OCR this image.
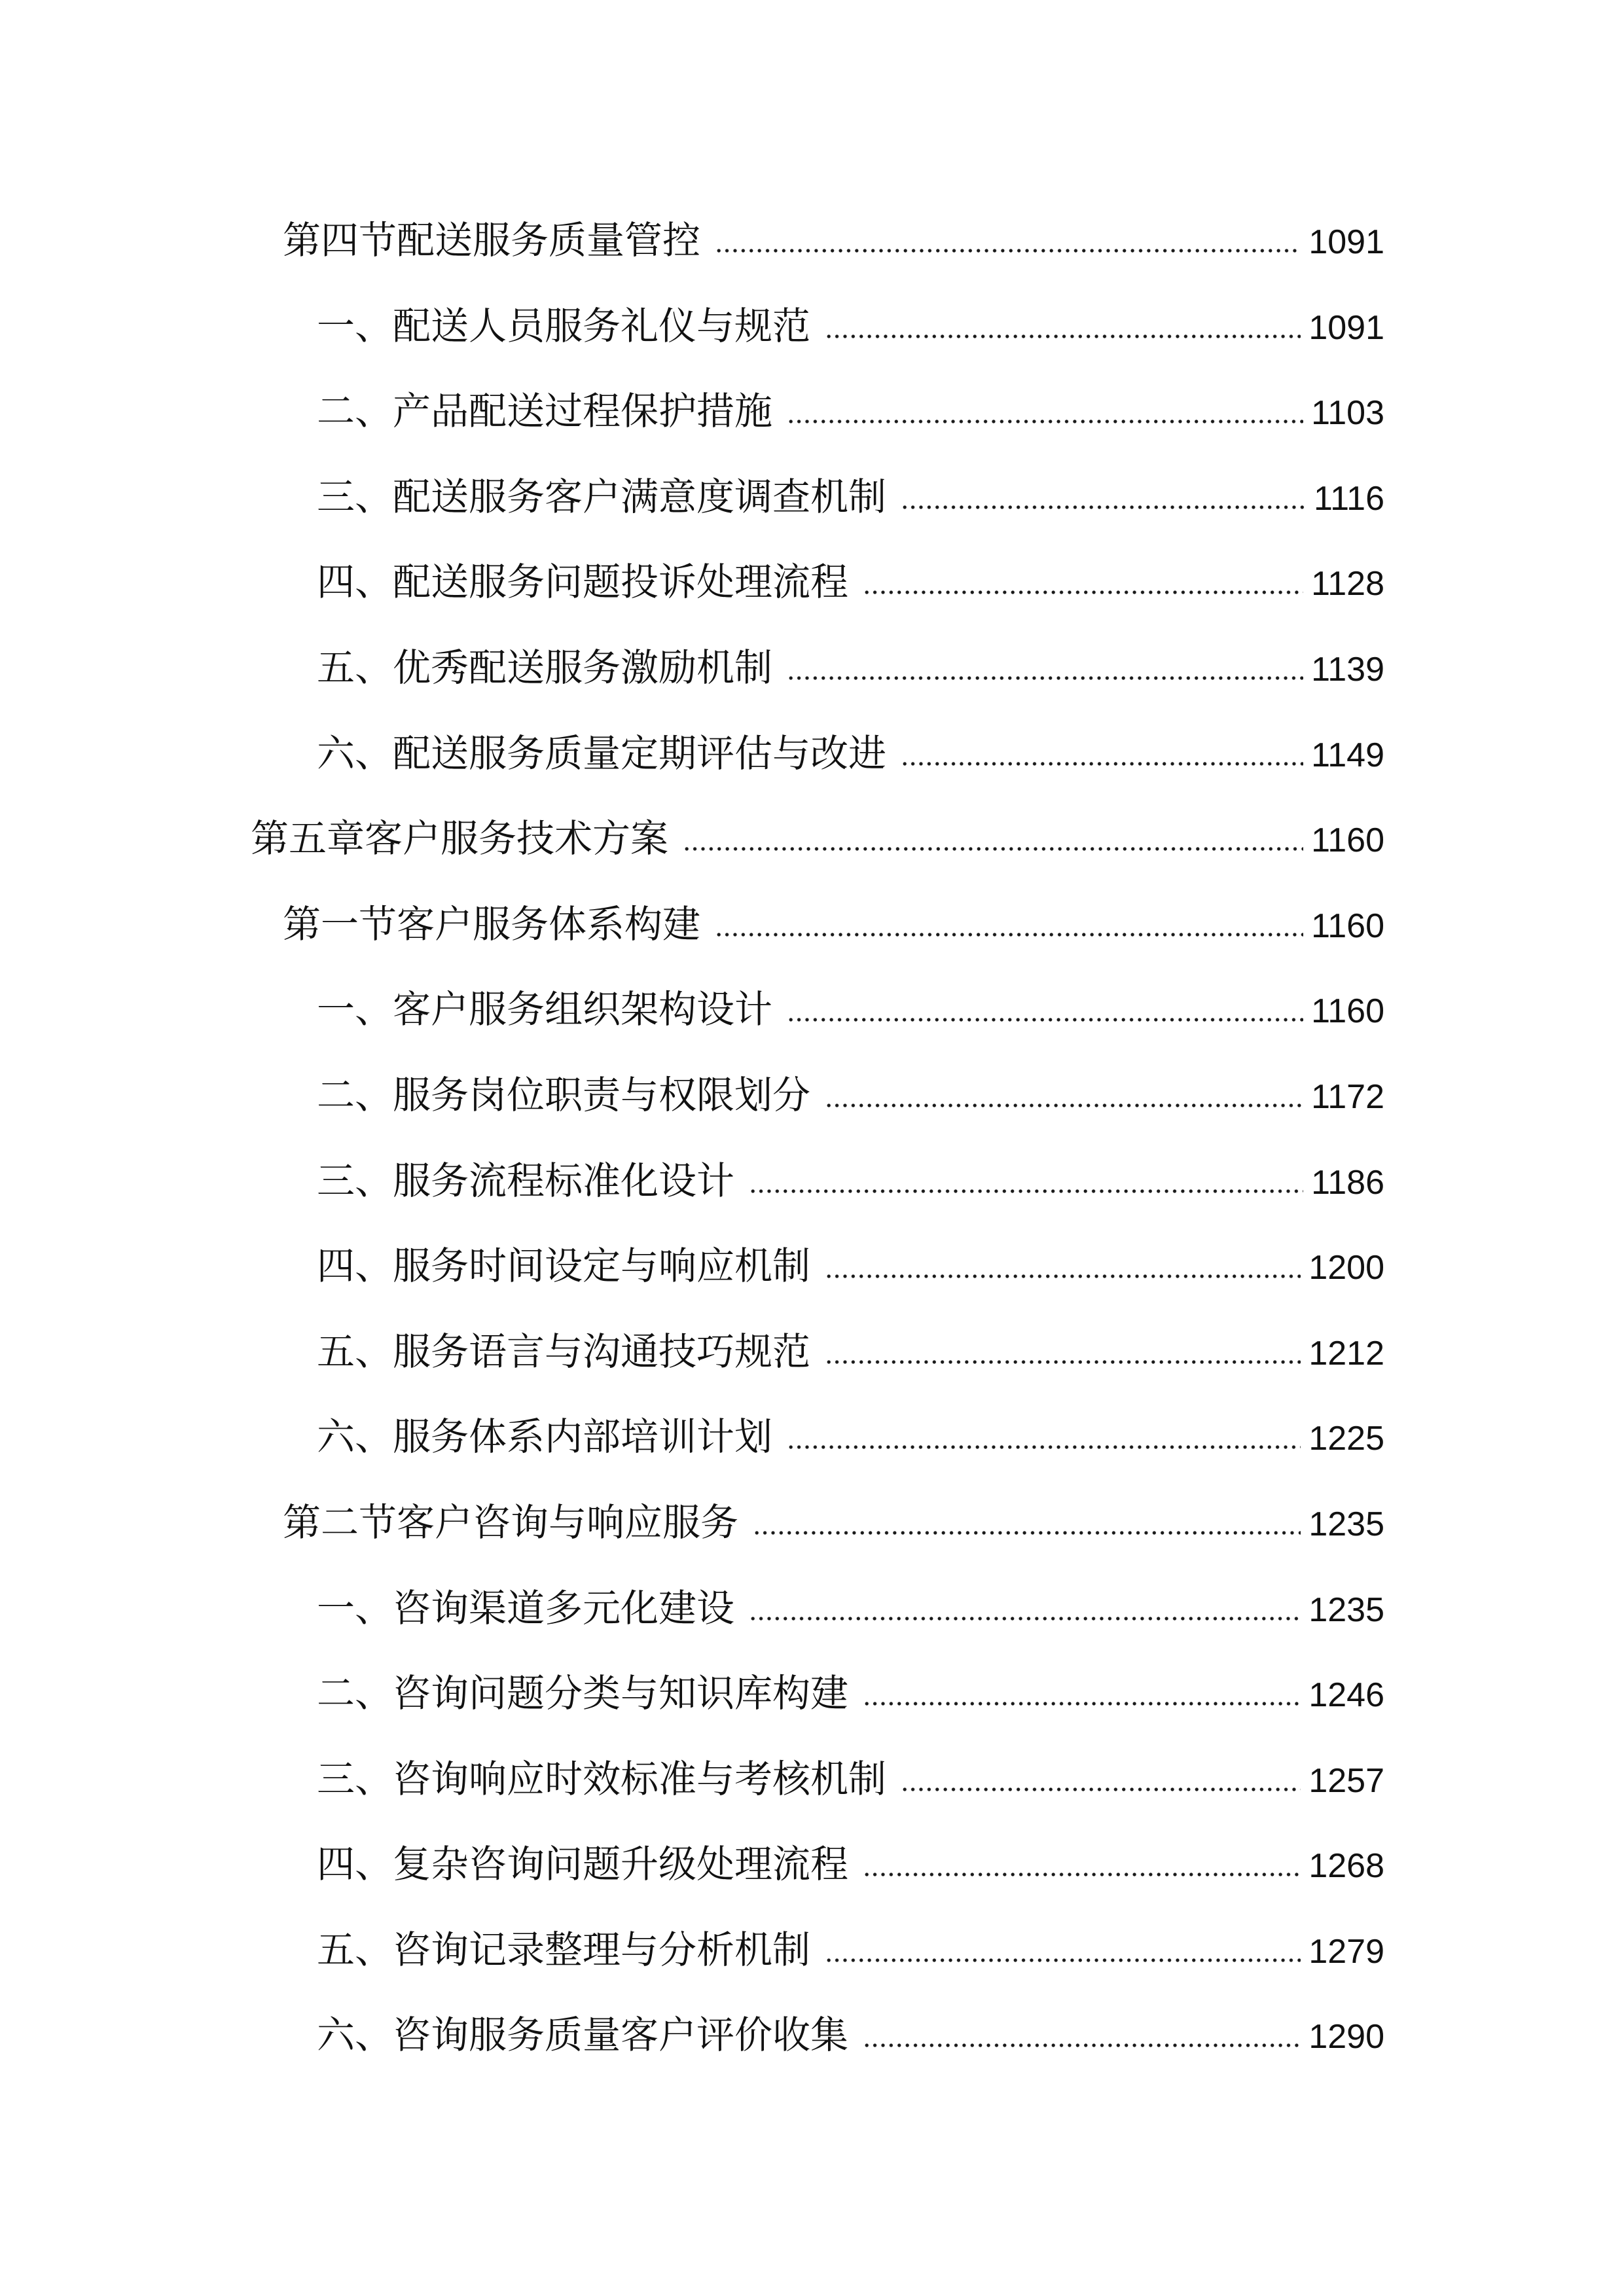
第四节配送服务质量管控	1091
一、配送人员服务礼仪与规范	1091
二、产品配送过程保护措施	1103
三、配送服务客户满意度调查机制	1116
四、配送服务问题投诉处理流程	1128
五、优秀配送服务激励机制	1139
六、配送服务质量定期评估与改进	1149
第五章客户服务技术方案	1160
第一节客户服务体系构建	1160
一、客户服务组织架构设计	1160
二、服务岗位职责与权限划分	1172
三、服务流程标准化设计	1186
四、服务时间设定与响应机制	1200
五、服务语言与沟通技巧规范	1212
六、服务体系内部培训计划	1225
第二节客户咨询与响应服务	1235
一、咨询渠道多元化建设	1235
二、咨询问题分类与知识库构建	1246
三、咨询响应时效标准与考核机制	1257
四、复杂咨询问题升级处理流程	1268
五、咨询记录整理与分析机制	1279
六、咨询服务质量客户评价收集	1290
